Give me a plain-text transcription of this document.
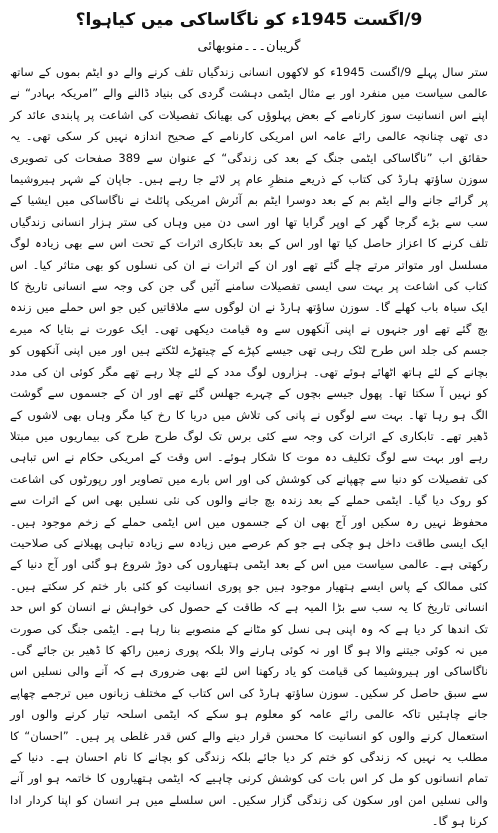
9/اگست 1945ء کو ناگاساکی میں کیاہوا؟
گریبان۔۔۔منوبھائی

ستر سال پہلے 9/اگست 1945ء کو لاکھوں انسانی زندگیاں تلف کرنے والے دو ایٹم بموں کے ساتھ عالمی سیاست میں منفرد اور بے مثال ایٹمی دہشت گردی کی بنیاد ڈالنے والے ”امریکہ بہادر“ نے اپنے اس انسانیت سوز کارنامے کے بعض پہلوؤں کی بھیانک تفصیلات کی اشاعت پر پابندی عائد کر دی تھی چنانچہ عالمی رائے عامہ اس امریکی کارنامے کے صحیح اندازہ نہیں کر سکی تھی۔ یہ حقائق اب ”ناگاساکی ایٹمی جنگ کے بعد کی زندگی“ کے عنوان سے 389 صفحات کی تصویری سوزن ساؤتھ ہارڈ کی کتاب کے ذریعے منظرِ عام پر لائے جا رہے ہیں۔ جاپان کے شہر ہیروشیما پر گرائے جانے والے ایٹم بم کے بعد دوسرا ایٹم بم آئرش امریکی پائلٹ نے ناگاساکی میں ایشیا کے سب سے بڑے گرجا گھر کے اوپر گرایا تھا اور اسی دن میں وہاں کی ستر ہزار انسانی زندگیاں تلف کرنے کا اعزاز حاصل کیا تھا اور اس کے بعد تابکاری اثرات کے تحت اس سے بھی زیادہ لوگ مسلسل اور متواتر مرتے چلے گئے تھے اور ان کے اثرات نے ان کی نسلوں کو بھی متاثر کیا۔ اس کتاب کی اشاعت پر بہت سی ایسی تفصیلات سامنے آئیں گی جن کی وجہ سے انسانی تاریخ کا ایک سیاہ باب کھلے گا۔ سوزن ساؤتھ ہارڈ نے ان لوگوں سے ملاقاتیں کیں جو اس حملے میں زندہ بچ گئے تھے اور جنہوں نے اپنی آنکھوں سے وہ قیامت دیکھی تھی۔ ایک عورت نے بتایا کہ میرے جسم کی جلد اس طرح لٹک رہی تھی جیسے کپڑے کے چیتھڑے لٹکتے ہیں اور میں اپنی آنکھوں کو بچانے کے لئے ہاتھ اٹھائے ہوئے تھی۔ ہزاروں لوگ مدد کے لئے چلا رہے تھے مگر کوئی ان کی مدد کو نہیں آ سکتا تھا۔ پھول جیسے بچوں کے چہرے جھلس گئے تھے اور ان کے جسموں سے گوشت الگ ہو رہا تھا۔ بہت سے لوگوں نے پانی کی تلاش میں دریا کا رخ کیا مگر وہاں بھی لاشوں کے ڈھیر تھے۔ تابکاری کے اثرات کی وجہ سے کئی برس تک لوگ طرح طرح کی بیماریوں میں مبتلا رہے اور بہت سے لوگ تکلیف دہ موت کا شکار ہوئے۔ اس وقت کے امریکی حکام نے اس تباہی کی تفصیلات کو دنیا سے چھپانے کی کوشش کی اور اس بارے میں تصاویر اور رپورٹوں کی اشاعت کو روک دیا گیا۔ ایٹمی حملے کے بعد زندہ بچ جانے والوں کی نئی نسلیں بھی اس کے اثرات سے محفوظ نہیں رہ سکیں اور آج بھی ان کے جسموں میں اس ایٹمی حملے کے زخم موجود ہیں۔ ایک ایسی طاقت داخل ہو چکی ہے جو کم عرصے میں زیادہ سے زیادہ تباہی پھیلانے کی صلاحیت رکھتی ہے۔ عالمی سیاست میں اس کے بعد ایٹمی ہتھیاروں کی دوڑ شروع ہو گئی اور آج دنیا کے کئی ممالک کے پاس ایسے ہتھیار موجود ہیں جو پوری انسانیت کو کئی بار ختم کر سکتے ہیں۔ انسانی تاریخ کا یہ سب سے بڑا المیہ ہے کہ طاقت کے حصول کی خواہش نے انسان کو اس حد تک اندھا کر دیا ہے کہ وہ اپنی ہی نسل کو مٹانے کے منصوبے بنا رہا ہے۔ ایٹمی جنگ کی صورت میں نہ کوئی جیتنے والا ہو گا اور نہ کوئی ہارنے والا بلکہ پوری زمین راکھ کا ڈھیر بن جائے گی۔ ناگاساکی اور ہیروشیما کی قیامت کو یاد رکھنا اس لئے بھی ضروری ہے کہ آنے والی نسلیں اس سے سبق حاصل کر سکیں۔ سوزن ساؤتھ ہارڈ کی اس کتاب کے مختلف زبانوں میں ترجمے چھاپے جانے چاہئیں تاکہ عالمی رائے عامہ کو معلوم ہو سکے کہ ایٹمی اسلحہ تیار کرنے والوں اور استعمال کرنے والوں کو انسانیت کا محسن قرار دینے والے کس قدر غلطی پر ہیں۔ ”احسان“ کا مطلب یہ نہیں کہ زندگی کو ختم کر دیا جائے بلکہ زندگی کو بچانے کا نام احسان ہے۔ دنیا کے تمام انسانوں کو مل کر اس بات کی کوشش کرنی چاہیے کہ ایٹمی ہتھیاروں کا خاتمہ ہو اور آنے والی نسلیں امن اور سکون کی زندگی گزار سکیں۔ اس سلسلے میں ہر انسان کو اپنا کردار ادا کرنا ہو گا۔
